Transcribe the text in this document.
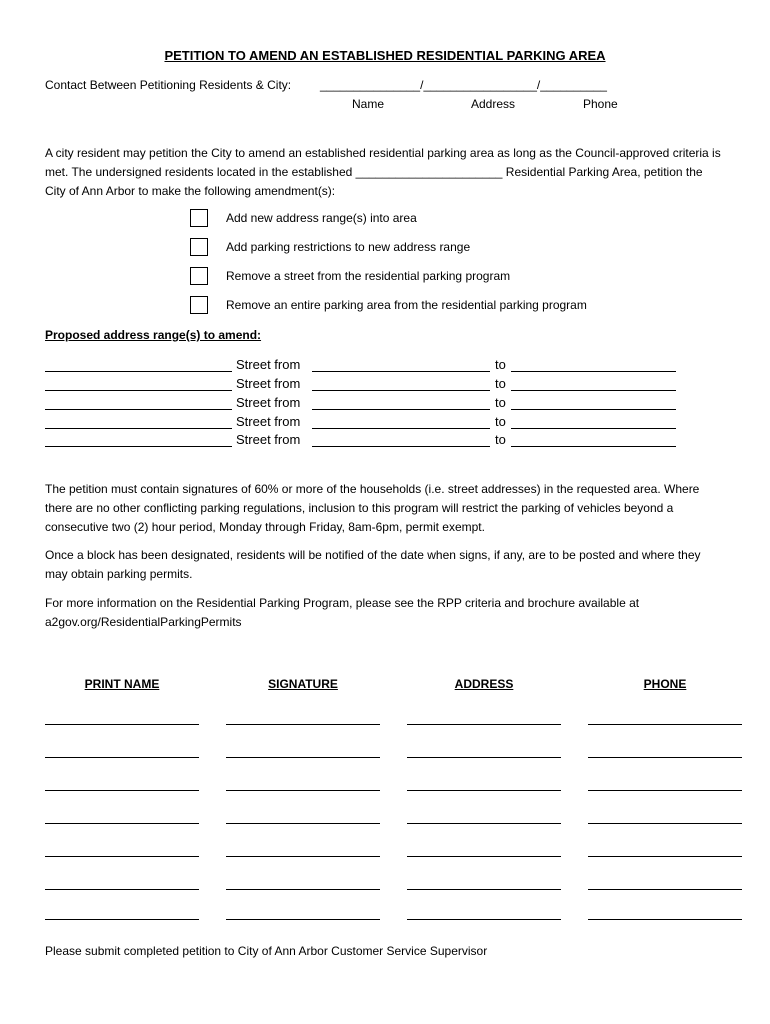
PETITION TO AMEND AN ESTABLISHED RESIDENTIAL PARKING AREA
Contact Between Petitioning Residents & City: _______________/_________________/__________
Name	Address	Phone
A city resident may petition the City to amend an established residential parking area as long as the Council-approved criteria is met. The undersigned residents located in the established ______________________ Residential Parking Area, petition the City of Ann Arbor to make the following amendment(s):
Add new address range(s) into area
Add parking restrictions to new address range
Remove a street from the residential parking program
Remove an entire parking area from the residential parking program
Proposed address range(s) to amend:
Street from	to
Street from	to
Street from	to
Street from	to
Street from	to
The petition must contain signatures of 60% or more of the households (i.e. street addresses) in the requested area. Where there are no other conflicting parking regulations, inclusion to this program will restrict the parking of vehicles beyond a consecutive two (2) hour period, Monday through Friday, 8am-6pm, permit exempt.
Once a block has been designated, residents will be notified of the date when signs, if any, are to be posted and where they may obtain parking permits.
For more information on the Residential Parking Program, please see the RPP criteria and brochure available at a2gov.org/ResidentialParkingPermits
PRINT NAME	SIGNATURE	ADDRESS	PHONE
Please submit completed petition to City of Ann Arbor Customer Service Supervisor
